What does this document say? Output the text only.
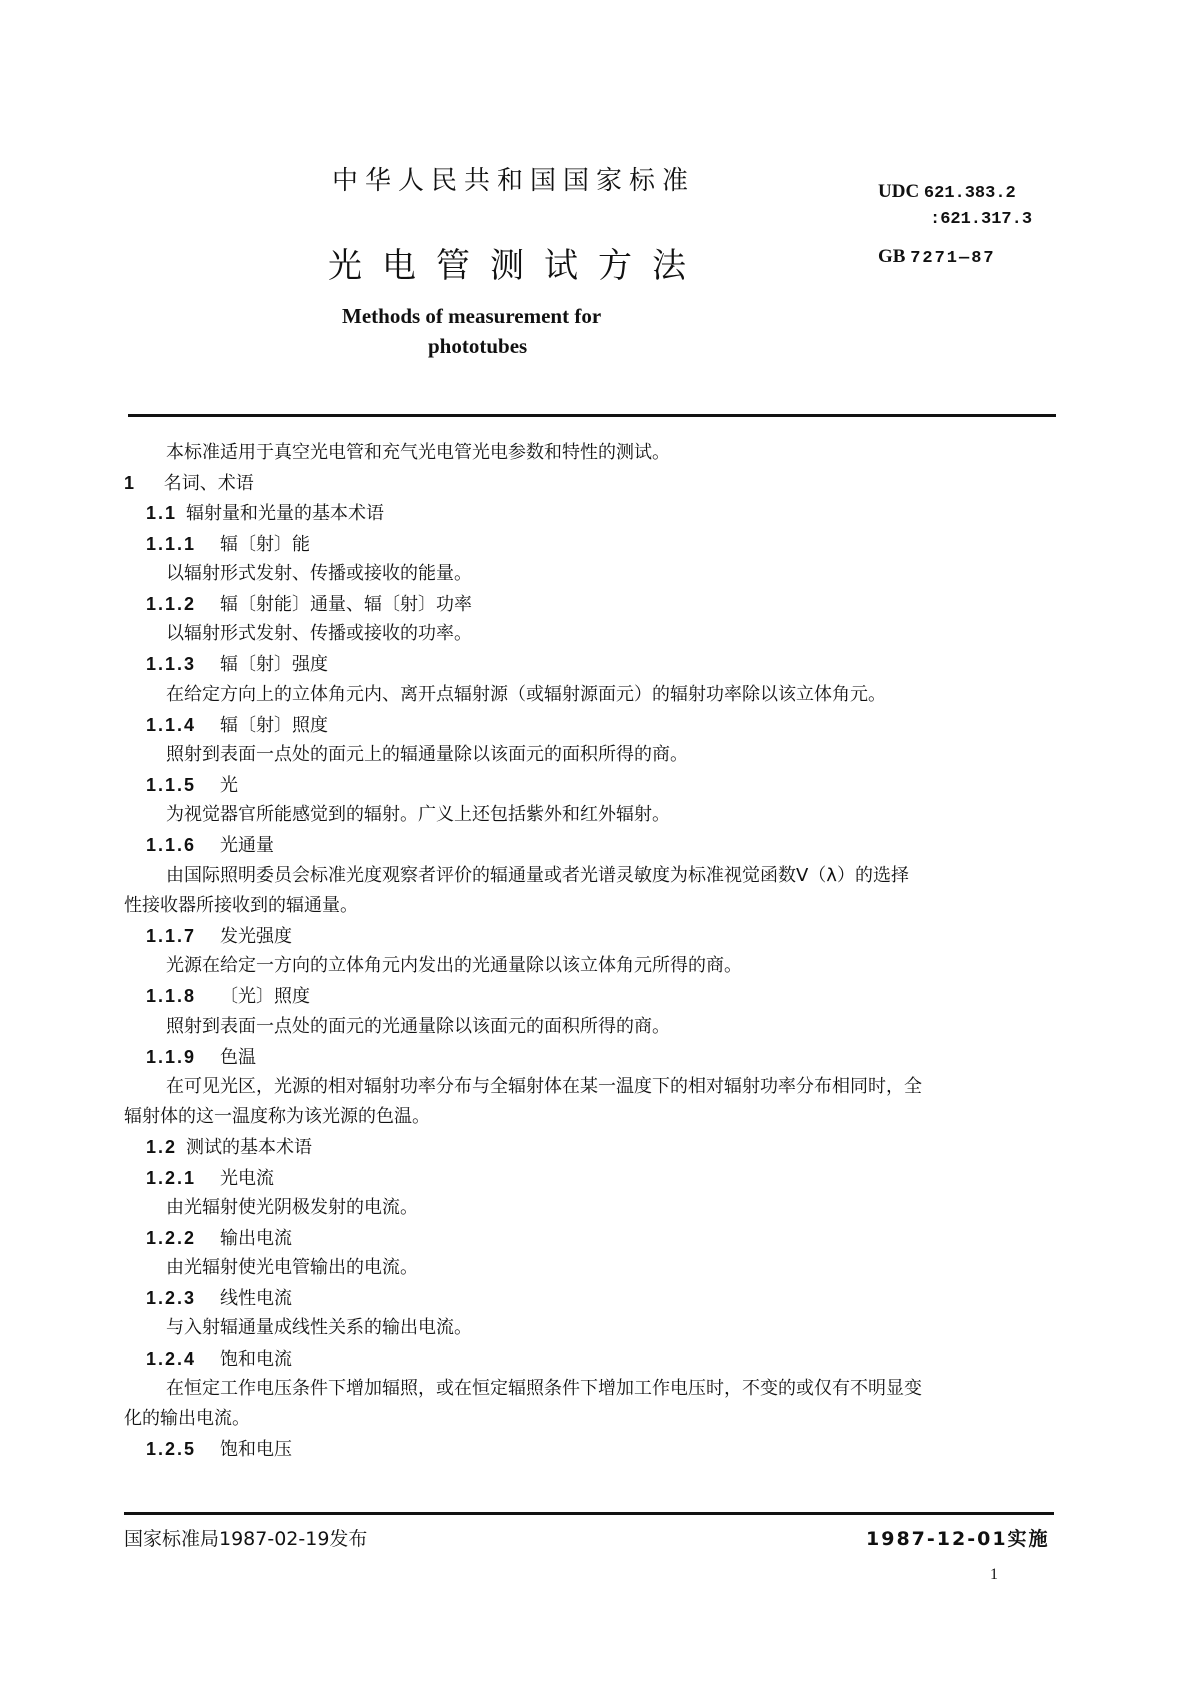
中华人民共和国国家标准
光电管测试方法
Methods of measurement for
phototubes
UDC 621.383.2
:621.317.3
GB 7271—87
本标准适用于真空光电管和充气光电管光电参数和特性的测试。
1 名词、术语
1.1 辐射量和光量的基本术语
1.1.1 辐〔射〕能
以辐射形式发射、传播或接收的能量。
1.1.2 辐〔射能〕通量、辐〔射〕功率
以辐射形式发射、传播或接收的功率。
1.1.3 辐〔射〕强度
在给定方向上的立体角元内、离开点辐射源（或辐射源面元）的辐射功率除以该立体角元。
1.1.4 辐〔射〕照度
照射到表面一点处的面元上的辐通量除以该面元的面积所得的商。
1.1.5 光
为视觉器官所能感觉到的辐射。广义上还包括紫外和红外辐射。
1.1.6 光通量
由国际照明委员会标准光度观察者评价的辐通量或者光谱灵敏度为标准视觉函数V（λ）的选择
性接收器所接收到的辐通量。
1.1.7 发光强度
光源在给定一方向的立体角元内发出的光通量除以该立体角元所得的商。
1.1.8 〔光〕照度
照射到表面一点处的面元的光通量除以该面元的面积所得的商。
1.1.9 色温
在可见光区，光源的相对辐射功率分布与全辐射体在某一温度下的相对辐射功率分布相同时，全
辐射体的这一温度称为该光源的色温。
1.2 测试的基本术语
1.2.1 光电流
由光辐射使光阴极发射的电流。
1.2.2 输出电流
由光辐射使光电管输出的电流。
1.2.3 线性电流
与入射辐通量成线性关系的输出电流。
1.2.4 饱和电流
在恒定工作电压条件下增加辐照，或在恒定辐照条件下增加工作电压时，不变的或仅有不明显变
化的输出电流。
1.2.5 饱和电压
国家标准局1987-02-19发布	1987-12-01实施
1
